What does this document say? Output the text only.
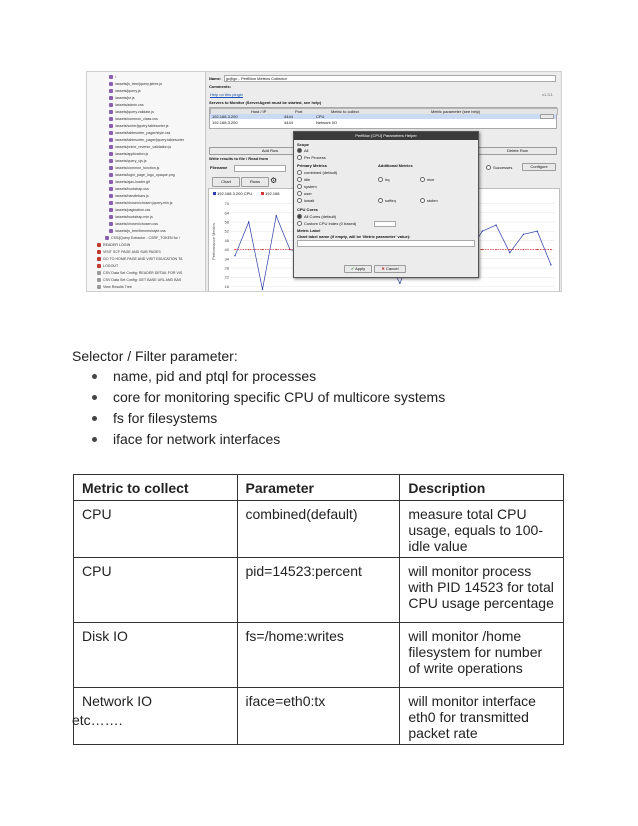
/
/assets/js_tree/jquery.jstree.js
/assets/jquery.js
/assets/jsr.js
/assets/admin.css
/assets/jquery.validate.js
/assets/common_class.css
/assets/sorter/jquery.tablesorter.js
/assets/tablesorter_pager/style.css
/assets/tablesorter_pager/jquery.tablesorter
/assets/prime_reverse_validation.js
/assets/application.js
/assets/query_ujs.js
/assets/common_function.js
/assets/login_page_logo_opaque.png
/assets/ajax-loader.gif
/assets/bootstrap.css
/assets/handlebars.js
/assets/chosen/chosen.jquery.min.js
/assets/pagination.css
/assets/bootstrap.min.js
/assets/chosen/chosen.css
/assets/js_tree/themes/style.css
CSS/jQuery Extractor - CSRF_TOKEN for /
READER LOGIN
VISIT SCF PAGE AND SUB PAGES
GO TO HOME PAGE AND VISIT EDUCATION TA
LOGOUT
CSV Data Set Config: READER DETAIL FOR VIS
CSV Data Set Config: GET BASE URL AND BAS
View Results Tree
Name: jp@gc - PerfMon Metrics Collector
Comments:
Help on this plugin	v1.3.1
Servers to Monitor (ServerAgent must be started, see help)
Host / IP	Port	Metric to collect	Metric parameter (see help)
192.168.3.200	4444	CPU
192.168.3.200	4444	Network I/O
Add Row	Delete Row
Write results to file / Read from
Filename	Successes	Configure
Chart	Rows	⚙
192.168.3.200 CPU	192.168
Performance Metrics
70
64
58
52
46
40
34
28
22
16
PerfMon [CPU] Parameters Helper
Scope
All
Per Process
Primary Metrics
combined (default)
idle
system
user
iowait
Additional Metrics
irq	nice
softirq	stolen
CPU Cores
All Cores (default)
Custom CPU Index (0 based)
Metric Label
Chart label name (if empty, will be 'Metric parameter' value):
✔ Apply	✖ Cancel
Selector / Filter parameter:
name, pid and ptql for processes
core for monitoring specific CPU of multicore systems
fs for filesystems
iface for network interfaces
Metric to collect	Parameter	Description
CPU	combined(default)	measure total CPU usage, equals to 100-idle value
CPU	pid=14523:percent	will monitor process with PID 14523 for total CPU usage percentage
Disk IO	fs=/home:writes	will monitor /home filesystem for number of write operations
Network IO	iface=eth0:tx	will monitor interface eth0 for transmitted packet rate
etc…….
